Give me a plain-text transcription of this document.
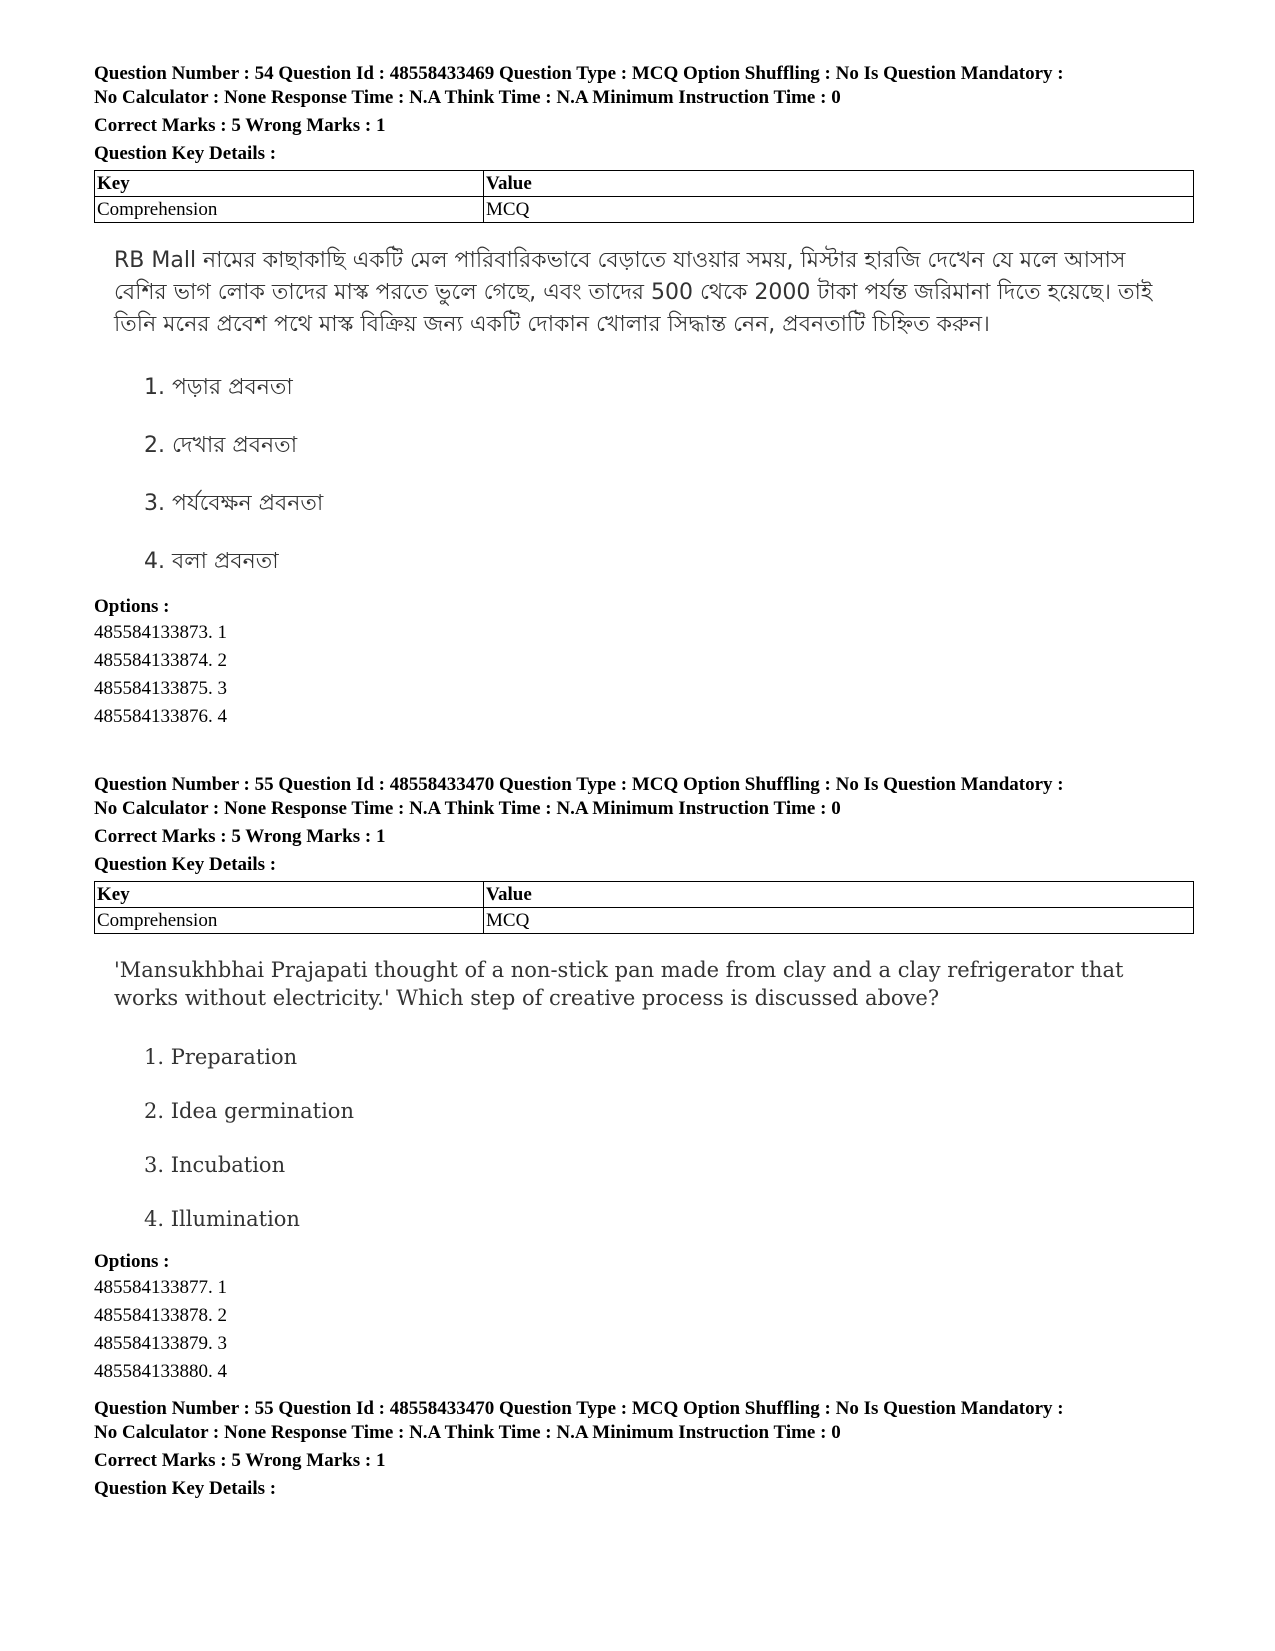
Question Number : 54 Question Id : 48558433469 Question Type : MCQ Option Shuffling : No Is Question Mandatory :

No Calculator : None Response Time : N.A Think Time : N.A Minimum Instruction Time : 0

Correct Marks : 5 Wrong Marks : 1

Question Key Details :

Key	Value
Comprehension	MCQ
RB Mall নামের কাছাকাছি একটি মেল পারিবারিকভাবে বেড়াতে যাওয়ার সময়, মিস্টার হারজি দেখেন যে মলে আসাস বেশির ভাগ লোক তাদের মাস্ক পরতে ভুলে গেছে, এবং তাদের 500 থেকে 2000 টাকা পর্যন্ত জরিমানা দিতে হয়েছে। তাই তিনি মনের প্রবেশ পথে মাস্ক বিক্রিয় জন্য একটি দোকান খোলার সিদ্ধান্ত নেন, প্রবনতাটি চিহ্নিত করুন।
1. পড়ার প্রবনতা
2. দেখার প্রবনতা
3. পর্যবেক্ষন প্রবনতা
4. বলা প্রবনতা

Options :

485584133873. 1
485584133874. 2
485584133875. 3
485584133876. 4

Question Number : 55 Question Id : 48558433470 Question Type : MCQ Option Shuffling : No Is Question Mandatory :

No Calculator : None Response Time : N.A Think Time : N.A Minimum Instruction Time : 0

Correct Marks : 5 Wrong Marks : 1

Question Key Details :

Key	Value
Comprehension	MCQ
'Mansukhbhai Prajapati thought of a non-stick pan made from clay and a clay refrigerator that works without electricity.' Which step of creative process is discussed above?
1. Preparation
2. Idea germination
3. Incubation
4. Illumination

Options :

485584133877. 1
485584133878. 2
485584133879. 3
485584133880. 4

Question Number : 55 Question Id : 48558433470 Question Type : MCQ Option Shuffling : No Is Question Mandatory :

No Calculator : None Response Time : N.A Think Time : N.A Minimum Instruction Time : 0

Correct Marks : 5 Wrong Marks : 1

Question Key Details :
